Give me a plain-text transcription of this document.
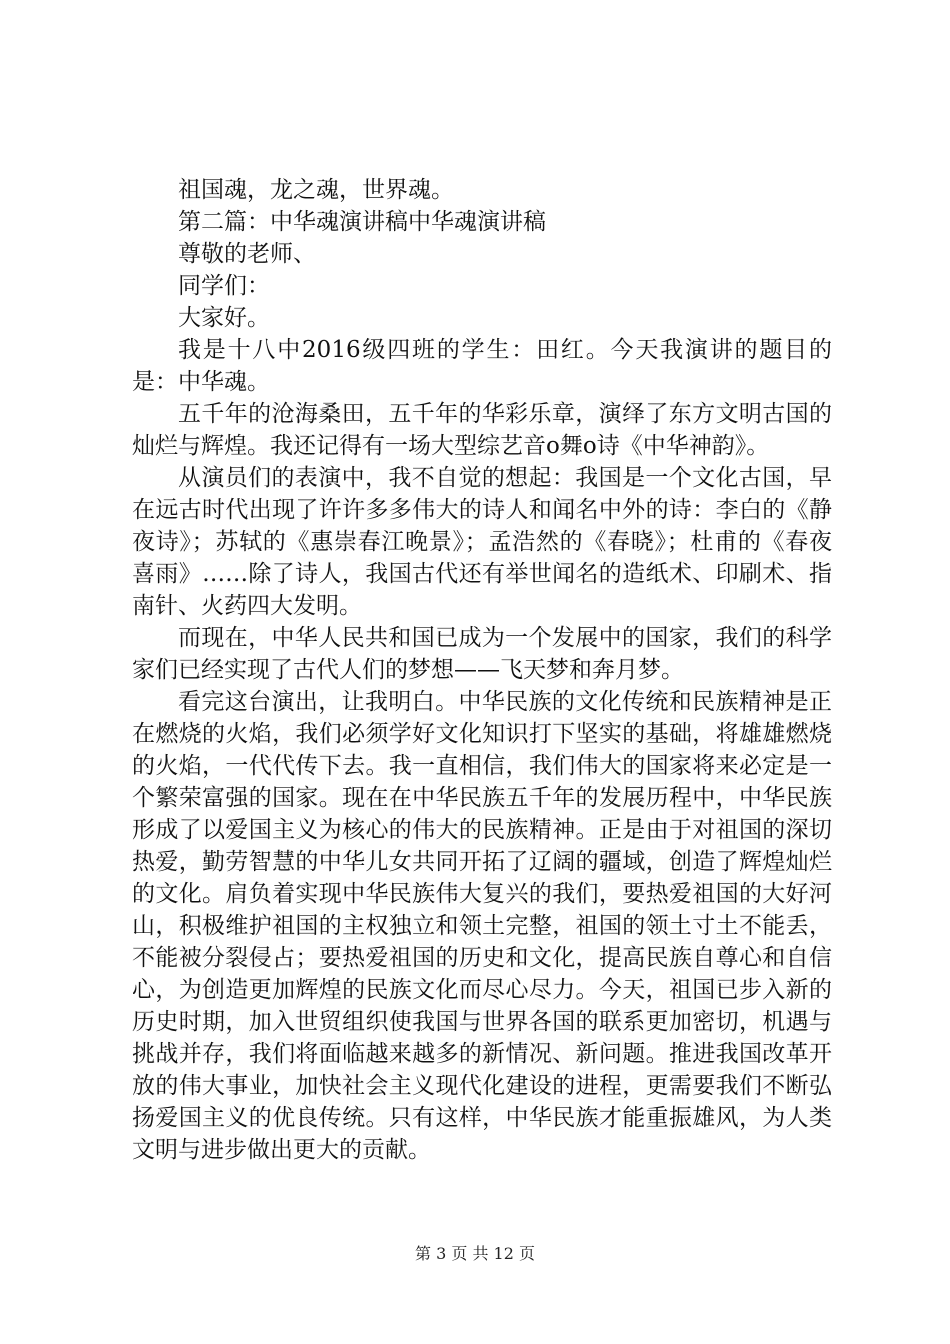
祖国魂，龙之魂，世界魂。
第二篇：中华魂演讲稿中华魂演讲稿
尊敬的老师、
同学们：
大家好。

我是十八中2016级四班的学生：田红。今天我演讲的题目的是：中华魂。

五千年的沧海桑田，五千年的华彩乐章，演绎了东方文明古国的灿烂与辉煌。我还记得有一场大型综艺音o舞o诗《中华神韵》。

从演员们的表演中，我不自觉的想起：我国是一个文化古国，早在远古时代出现了许许多多伟大的诗人和闻名中外的诗：李白的《静夜诗》；苏轼的《惠崇春江晚景》；孟浩然的《春晓》；杜甫的《春夜喜雨》……除了诗人，我国古代还有举世闻名的造纸术、印刷术、指南针、火药四大发明。

而现在，中华人民共和国已成为一个发展中的国家，我们的科学家们已经实现了古代人们的梦想——飞天梦和奔月梦。

看完这台演出，让我明白。中华民族的文化传统和民族精神是正在燃烧的火焰，我们必须学好文化知识打下坚实的基础，将雄雄燃烧的火焰，一代代传下去。我一直相信，我们伟大的国家将来必定是一个繁荣富强的国家。现在在中华民族五千年的发展历程中，中华民族形成了以爱国主义为核心的伟大的民族精神。正是由于对祖国的深切热爱，勤劳智慧的中华儿女共同开拓了辽阔的疆域，创造了辉煌灿烂的文化。肩负着实现中华民族伟大复兴的我们，要热爱祖国的大好河山，积极维护祖国的主权独立和领土完整，祖国的领土寸土不能丢，不能被分裂侵占；要热爱祖国的历史和文化，提高民族自尊心和自信心，为创造更加辉煌的民族文化而尽心尽力。今天，祖国已步入新的历史时期，加入世贸组织使我国与世界各国的联系更加密切，机遇与挑战并存，我们将面临越来越多的新情况、新问题。推进我国改革开放的伟大事业，加快社会主义现代化建设的进程，更需要我们不断弘扬爱国主义的优良传统。只有这样，中华民族才能重振雄风，为人类文明与进步做出更大的贡献。

第 3 页 共 12 页
